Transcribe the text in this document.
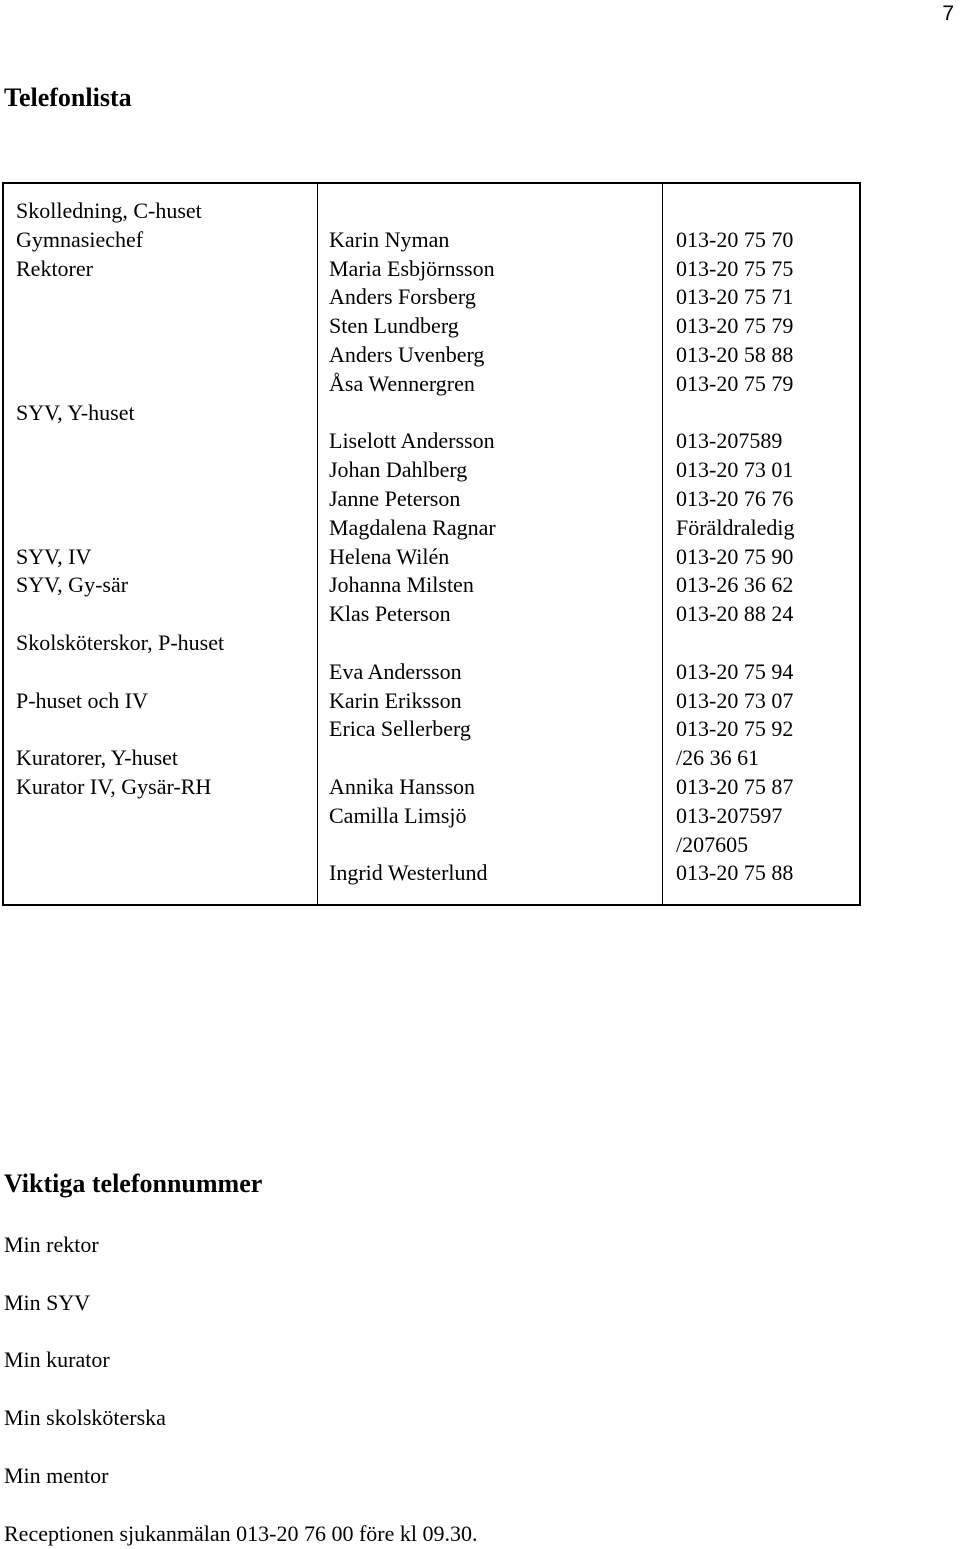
7
Telefonlista
Skolledning, C-huset
Gymnasiechef
Rektorer
SYV, Y-huset
SYV, IV
SYV, Gy-sär
Skolsköterskor, P-huset
P-huset och IV
Kuratorer, Y-huset
Kurator IV, Gysär-RH
Karin Nyman
Maria Esbjörnsson
Anders Forsberg
Sten Lundberg
Anders Uvenberg
Åsa Wennergren
Liselott Andersson
Johan Dahlberg
Janne Peterson
Magdalena Ragnar
Helena Wilén
Johanna Milsten
Klas Peterson
Eva Andersson
Karin Eriksson
Erica Sellerberg
Annika Hansson
Camilla Limsjö
Ingrid Westerlund
013-20 75 70
013-20 75 75
013-20 75 71
013-20 75 79
013-20 58 88
013-20 75 79
013-207589
013-20 73 01
013-20 76 76
Föräldraledig
013-20 75 90
013-26 36 62
013-20 88 24
013-20 75 94
013-20 73 07
013-20 75 92
/26 36 61
013-20 75 87
013-207597
/207605
013-20 75 88
Viktiga telefonnummer
Min rektor
Min SYV
Min kurator
Min skolsköterska
Min mentor
Receptionen sjukanmälan 013-20 76 00 före kl 09.30.
